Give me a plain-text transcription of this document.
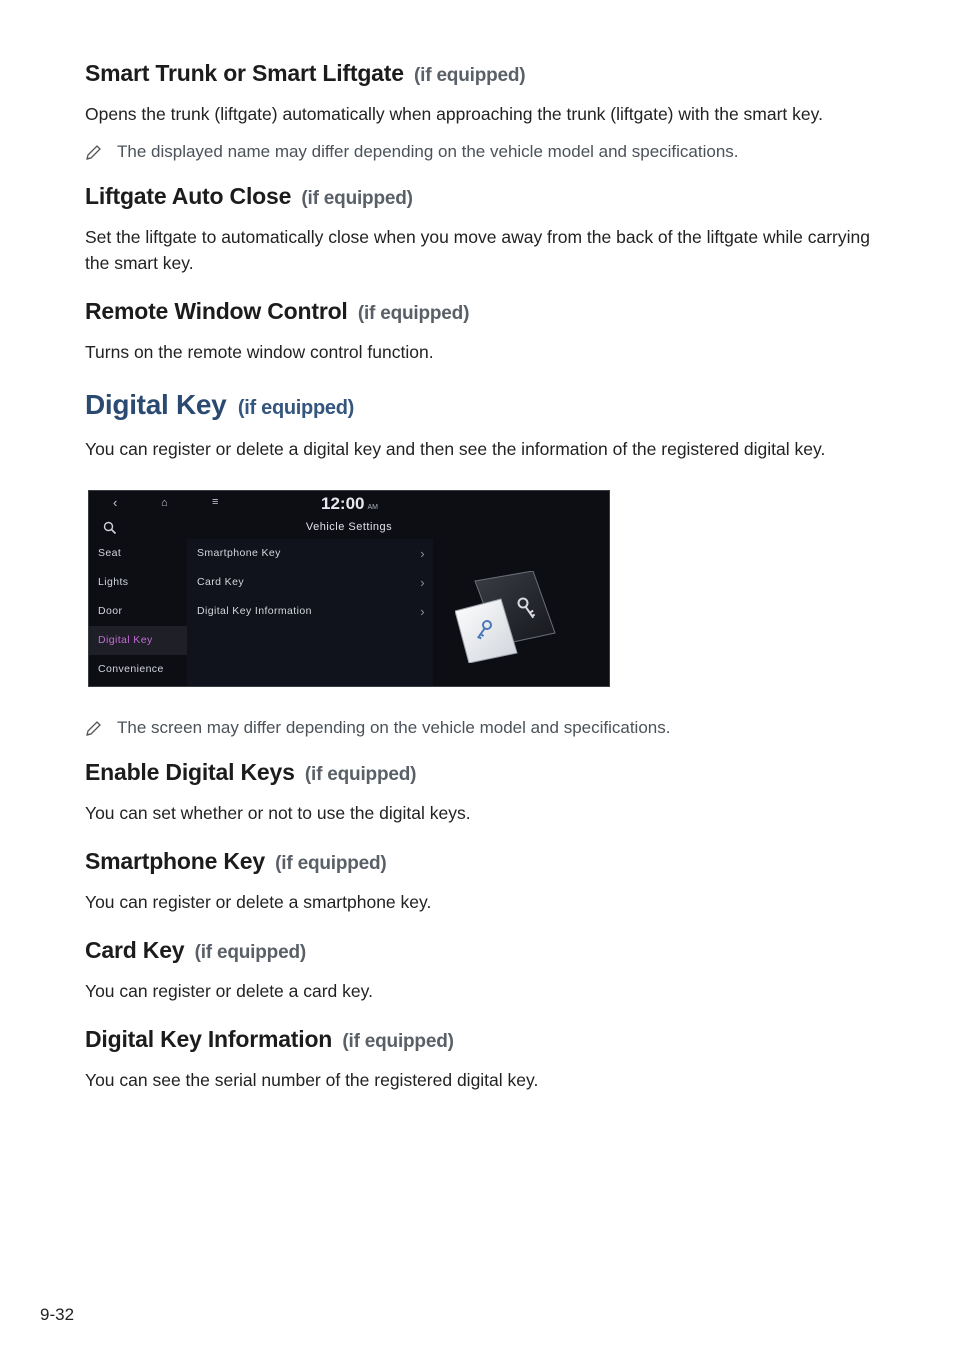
Smart Trunk or Smart Liftgate (if equipped)
Opens the trunk (liftgate) automatically when approaching the trunk (liftgate) with the smart key.
The displayed name may differ depending on the vehicle model and specifications.
Liftgate Auto Close (if equipped)
Set the liftgate to automatically close when you move away from the back of the liftgate while carrying the smart key.
Remote Window Control (if equipped)
Turns on the remote window control function.
Digital Key (if equipped)
You can register or delete a digital key and then see the information of the registered digital key.
‹	⌂	≡	12:00 AM
Vehicle Settings
Seat
Lights
Door
Digital Key
Convenience
Smartphone Key	›
Card Key	›
Digital Key Information	›
The screen may differ depending on the vehicle model and specifications.
Enable Digital Keys (if equipped)
You can set whether or not to use the digital keys.
Smartphone Key (if equipped)
You can register or delete a smartphone key.
Card Key (if equipped)
You can register or delete a card key.
Digital Key Information (if equipped)
You can see the serial number of the registered digital key.
9-32
